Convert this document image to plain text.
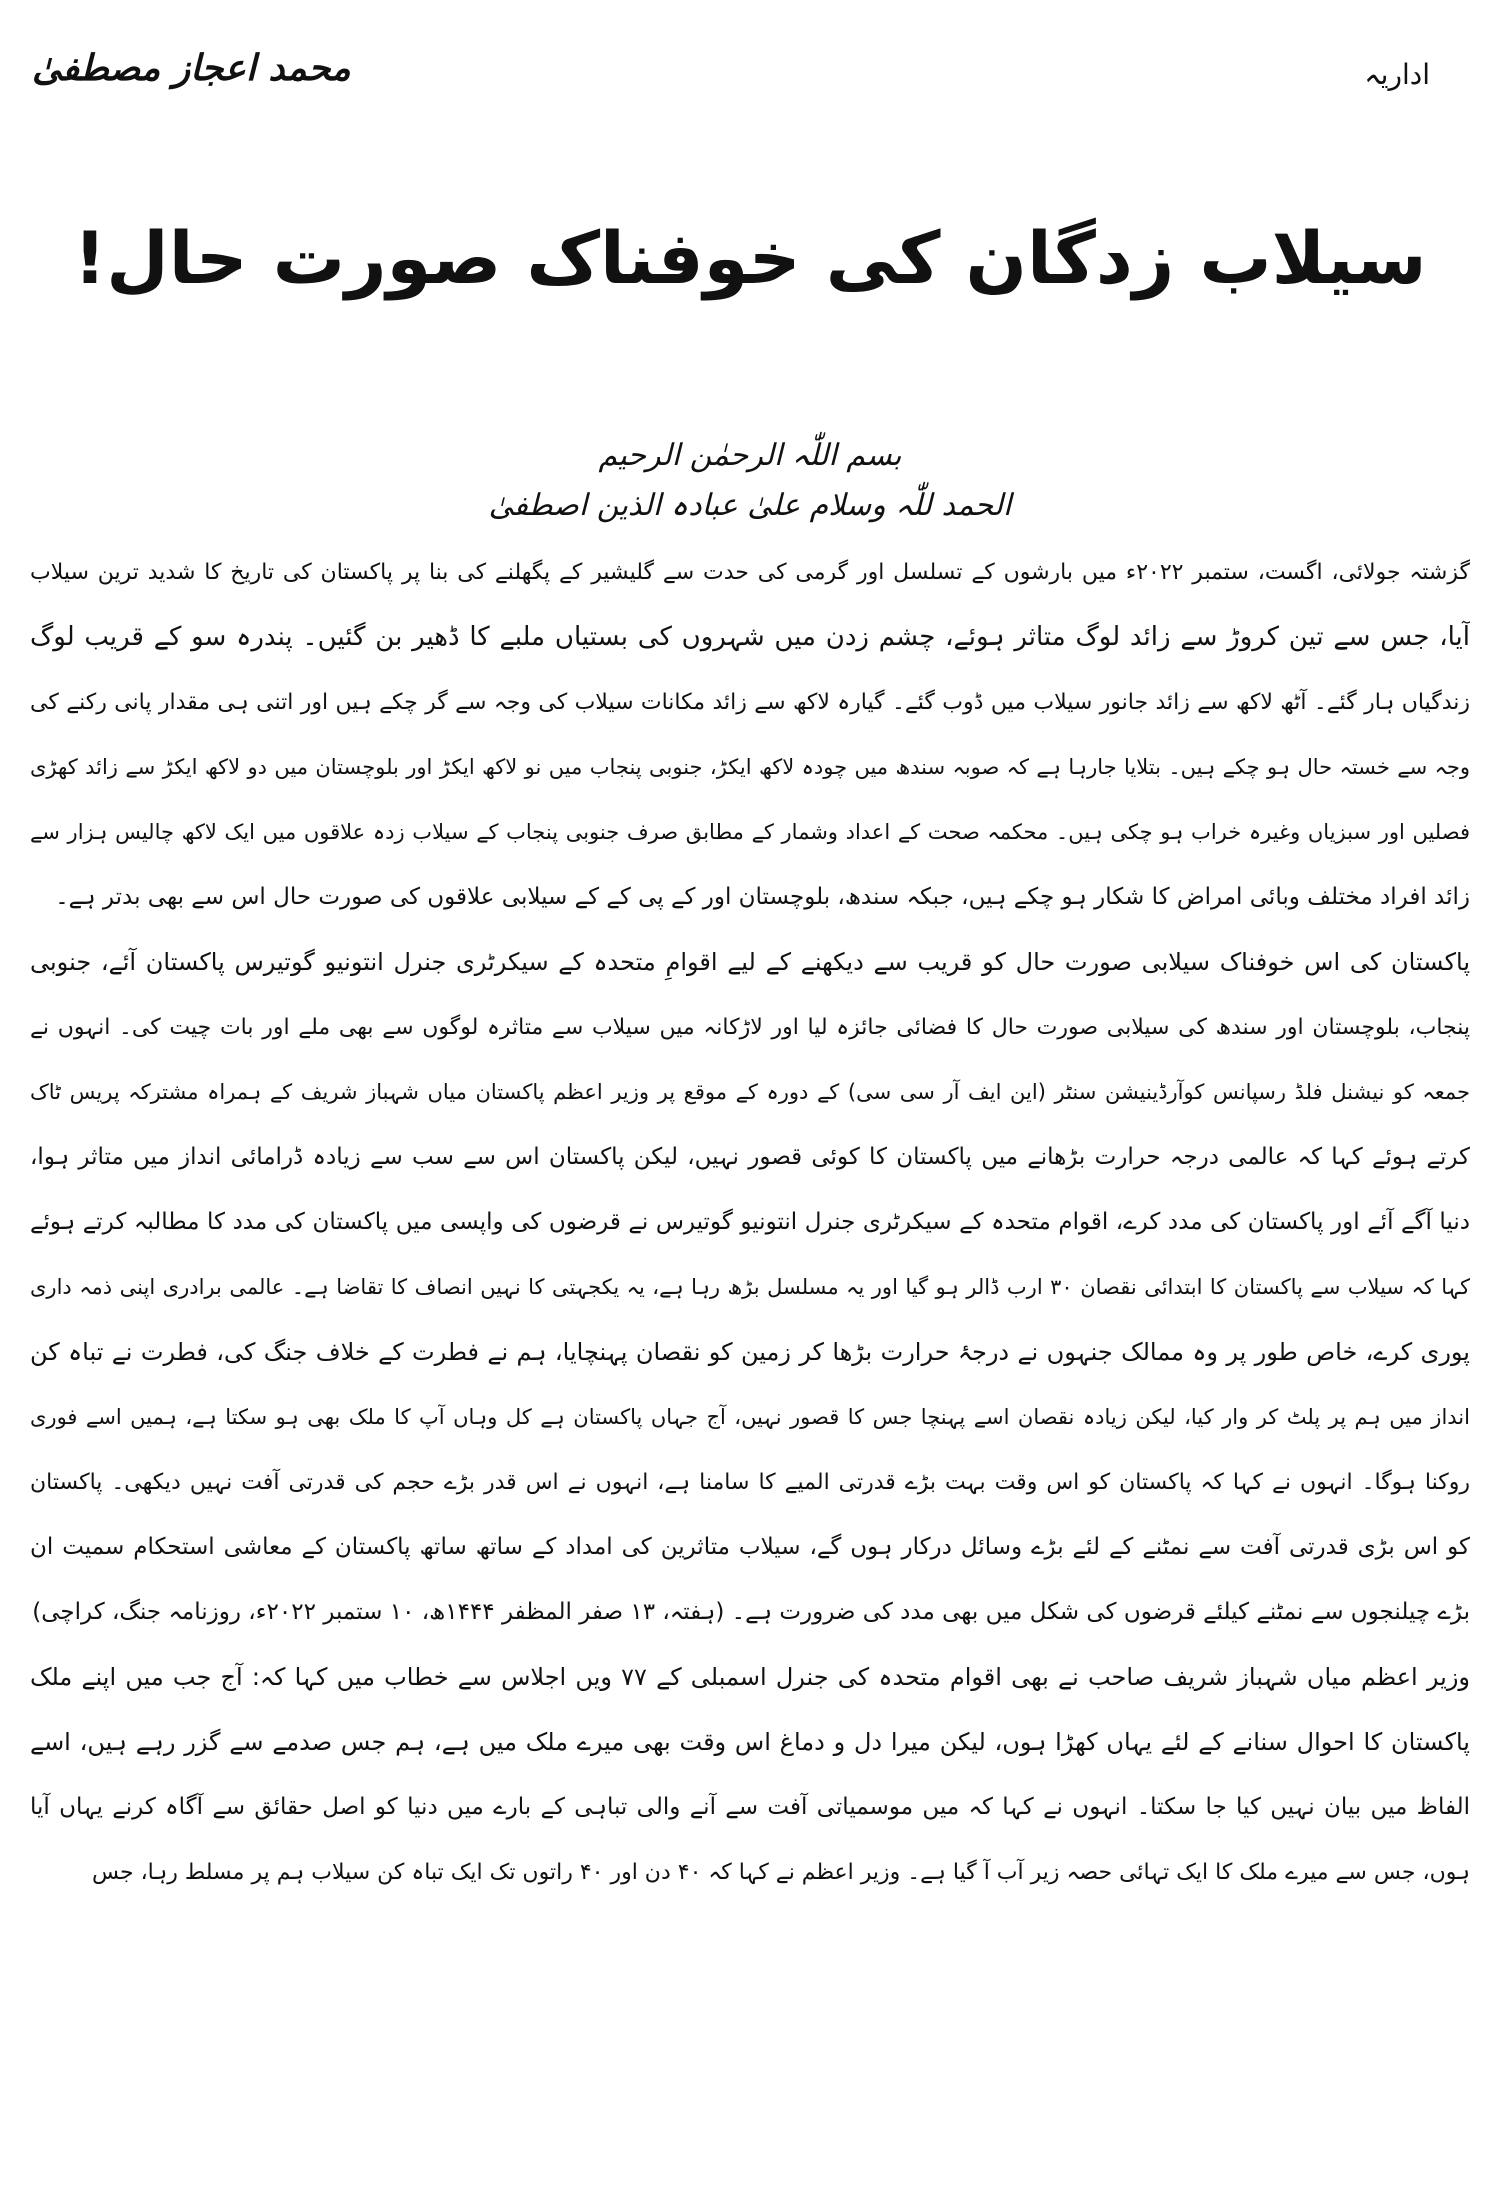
اداریہ
محمد اعجاز مصطفیٰ
سیلاب زدگان کی خوفناک صورت حال!
بسم اللّٰہ الرحمٰن الرحیم
الحمد للّٰہ وسلام علیٰ عبادہ الذین اصطفیٰ
گزشتہ جولائی، اگست، ستمبر ۲۰۲۲ء میں بارشوں کے تسلسل اور گرمی کی حدت سے گلیشیر کے پگھلنے کی بنا پر پاکستان کی تاریخ کا شدید ترین سیلاب
آیا، جس سے تین کروڑ سے زائد لوگ متاثر ہوئے، چشم زدن میں شہروں کی بستیاں ملبے کا ڈھیر بن گئیں۔ پندرہ سو کے قریب لوگ
زندگیاں ہار گئے۔ آٹھ لاکھ سے زائد جانور سیلاب میں ڈوب گئے۔ گیارہ لاکھ سے زائد مکانات سیلاب کی وجہ سے گر چکے ہیں اور اتنی ہی مقدار پانی رکنے کی
وجہ سے خستہ حال ہو چکے ہیں۔ بتلایا جارہا ہے کہ صوبہ سندھ میں چودہ لاکھ ایکڑ، جنوبی پنجاب میں نو لاکھ ایکڑ اور بلوچستان میں دو لاکھ ایکڑ سے زائد کھڑی
فصلیں اور سبزیاں وغیرہ خراب ہو چکی ہیں۔ محکمہ صحت کے اعداد وشمار کے مطابق صرف جنوبی پنجاب کے سیلاب زدہ علاقوں میں ایک لاکھ چالیس ہزار سے
زائد افراد مختلف وبائی امراض کا شکار ہو چکے ہیں، جبکہ سندھ، بلوچستان اور کے پی کے کے سیلابی علاقوں کی صورت حال اس سے بھی بدتر ہے۔
پاکستان کی اس خوفناک سیلابی صورت حال کو قریب سے دیکھنے کے لیے اقوامِ متحدہ کے سیکرٹری جنرل انتونیو گوتیرس پاکستان آئے، جنوبی
پنجاب، بلوچستان اور سندھ کی سیلابی صورت حال کا فضائی جائزہ لیا اور لاڑکانہ میں سیلاب سے متاثرہ لوگوں سے بھی ملے اور بات چیت کی۔ انہوں نے
جمعہ کو نیشنل فلڈ رسپانس کوآرڈینیشن سنٹر (این ایف آر سی سی) کے دورہ کے موقع پر وزیر اعظم پاکستان میاں شہباز شریف کے ہمراہ مشترکہ پریس ٹاک
کرتے ہوئے کہا کہ عالمی درجہ حرارت بڑھانے میں پاکستان کا کوئی قصور نہیں، لیکن پاکستان اس سے سب سے زیادہ ڈرامائی انداز میں متاثر ہوا،
دنیا آگے آئے اور پاکستان کی مدد کرے، اقوام متحدہ کے سیکرٹری جنرل انتونیو گوتیرس نے قرضوں کی واپسی میں پاکستان کی مدد کا مطالبہ کرتے ہوئے
کہا کہ سیلاب سے پاکستان کا ابتدائی نقصان ۳۰ ارب ڈالر ہو گیا اور یہ مسلسل بڑھ رہا ہے، یہ یکجہتی کا نہیں انصاف کا تقاضا ہے۔ عالمی برادری اپنی ذمہ داری
پوری کرے، خاص طور پر وہ ممالک جنہوں نے درجۂ حرارت بڑھا کر زمین کو نقصان پہنچایا، ہم نے فطرت کے خلاف جنگ کی، فطرت نے تباہ کن
انداز میں ہم پر پلٹ کر وار کیا، لیکن زیادہ نقصان اسے پہنچا جس کا قصور نہیں، آج جہاں پاکستان ہے کل وہاں آپ کا ملک بھی ہو سکتا ہے، ہمیں اسے فوری
روکنا ہوگا۔ انہوں نے کہا کہ پاکستان کو اس وقت بہت بڑے قدرتی المیے کا سامنا ہے، انہوں نے اس قدر بڑے حجم کی قدرتی آفت نہیں دیکھی۔ پاکستان
کو اس بڑی قدرتی آفت سے نمٹنے کے لئے بڑے وسائل درکار ہوں گے، سیلاب متاثرین کی امداد کے ساتھ ساتھ پاکستان کے معاشی استحکام سمیت ان
بڑے چیلنجوں سے نمٹنے کیلئے قرضوں کی شکل میں بھی مدد کی ضرورت ہے۔ (ہفتہ، ۱۳ صفر المظفر ۱۴۴۴ھ، ۱۰ ستمبر ۲۰۲۲ء، روزنامہ جنگ، کراچی)
وزیر اعظم میاں شہباز شریف صاحب نے بھی اقوام متحدہ کی جنرل اسمبلی کے ۷۷ ویں اجلاس سے خطاب میں کہا کہ: آج جب میں اپنے ملک
پاکستان کا احوال سنانے کے لئے یہاں کھڑا ہوں، لیکن میرا دل و دماغ اس وقت بھی میرے ملک میں ہے، ہم جس صدمے سے گزر رہے ہیں، اسے
الفاظ میں بیان نہیں کیا جا سکتا۔ انہوں نے کہا کہ میں موسمیاتی آفت سے آنے والی تباہی کے بارے میں دنیا کو اصل حقائق سے آگاہ کرنے یہاں آیا
ہوں، جس سے میرے ملک کا ایک تہائی حصہ زیر آب آ گیا ہے۔ وزیر اعظم نے کہا کہ ۴۰ دن اور ۴۰ راتوں تک ایک تباہ کن سیلاب ہم پر مسلط رہا، جس
